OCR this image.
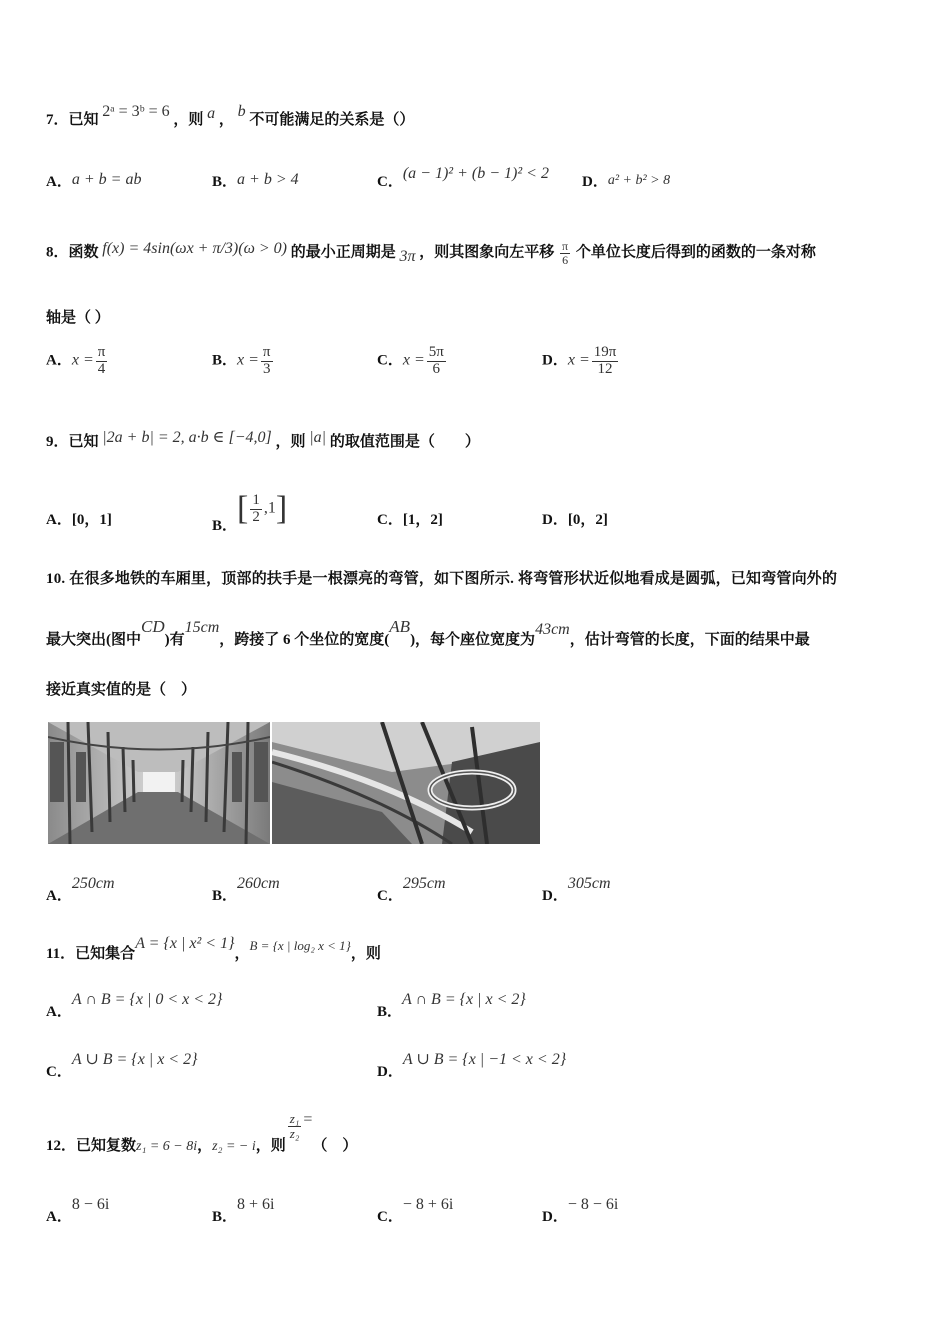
7．已知 2ᵃ = 3ᵇ = 6 ，则 a ， b 不可能满足的关系是（）
A．a + b = ab	B．a + b > 4	C．(a − 1)² + (b − 1)² < 2 D．a² + b² > 8
8．函数 f(x) = 4sin(ωx + π/3)(ω > 0) 的最小正周期是 3π ，则其图象向左平移 $\frac{\pi}{6}$ 个单位长度后得到的函数的一条对称
轴是（ ）
A．$x = \frac{\pi}{4}$	B．$x = \frac{\pi}{3}$	C．$x = \frac{5\pi}{6}$	D．$x = \frac{19\pi}{12}$
9．已知 |2a + b| = 2, a·b ∈ [−4,0] ，则 |a| 的取值范围是（　　）
A．[0，1]	B．[ $\frac{1}{2} ,1$]	C．[1，2]	D．[0，2]
10. 在很多地铁的车厢里，顶部的扶手是一根漂亮的弯管，如下图所示. 将弯管形状近似地看成是圆弧，已知弯管向外的
最大突出(图中CD)有15cm，跨接了 6 个坐位的宽度(AB)，每个座位宽度为43cm，估计弯管的长度，下面的结果中最
接近真实值的是（　）
A．250cm
B．260cm
C．295cm
D．305cm
11．已知集合A = {x | x² < 1}，B = {x | log₂ x < 1}，则
A．A ∩ B = {x | 0 < x < 2}
B．A ∩ B = {x | x < 2}
C．A ∪ B = {x | x < 2}
D．A ∪ B = {x | −1 < x < 2}
12．已知复数z₁ = 6 − 8i，z₂ = − i，则
$\frac{\text{z₁}}{\text{z₂}}$ =（　）
A．8 − 6i
B．8 + 6i
C．− 8 + 6i
D．− 8 − 6i
